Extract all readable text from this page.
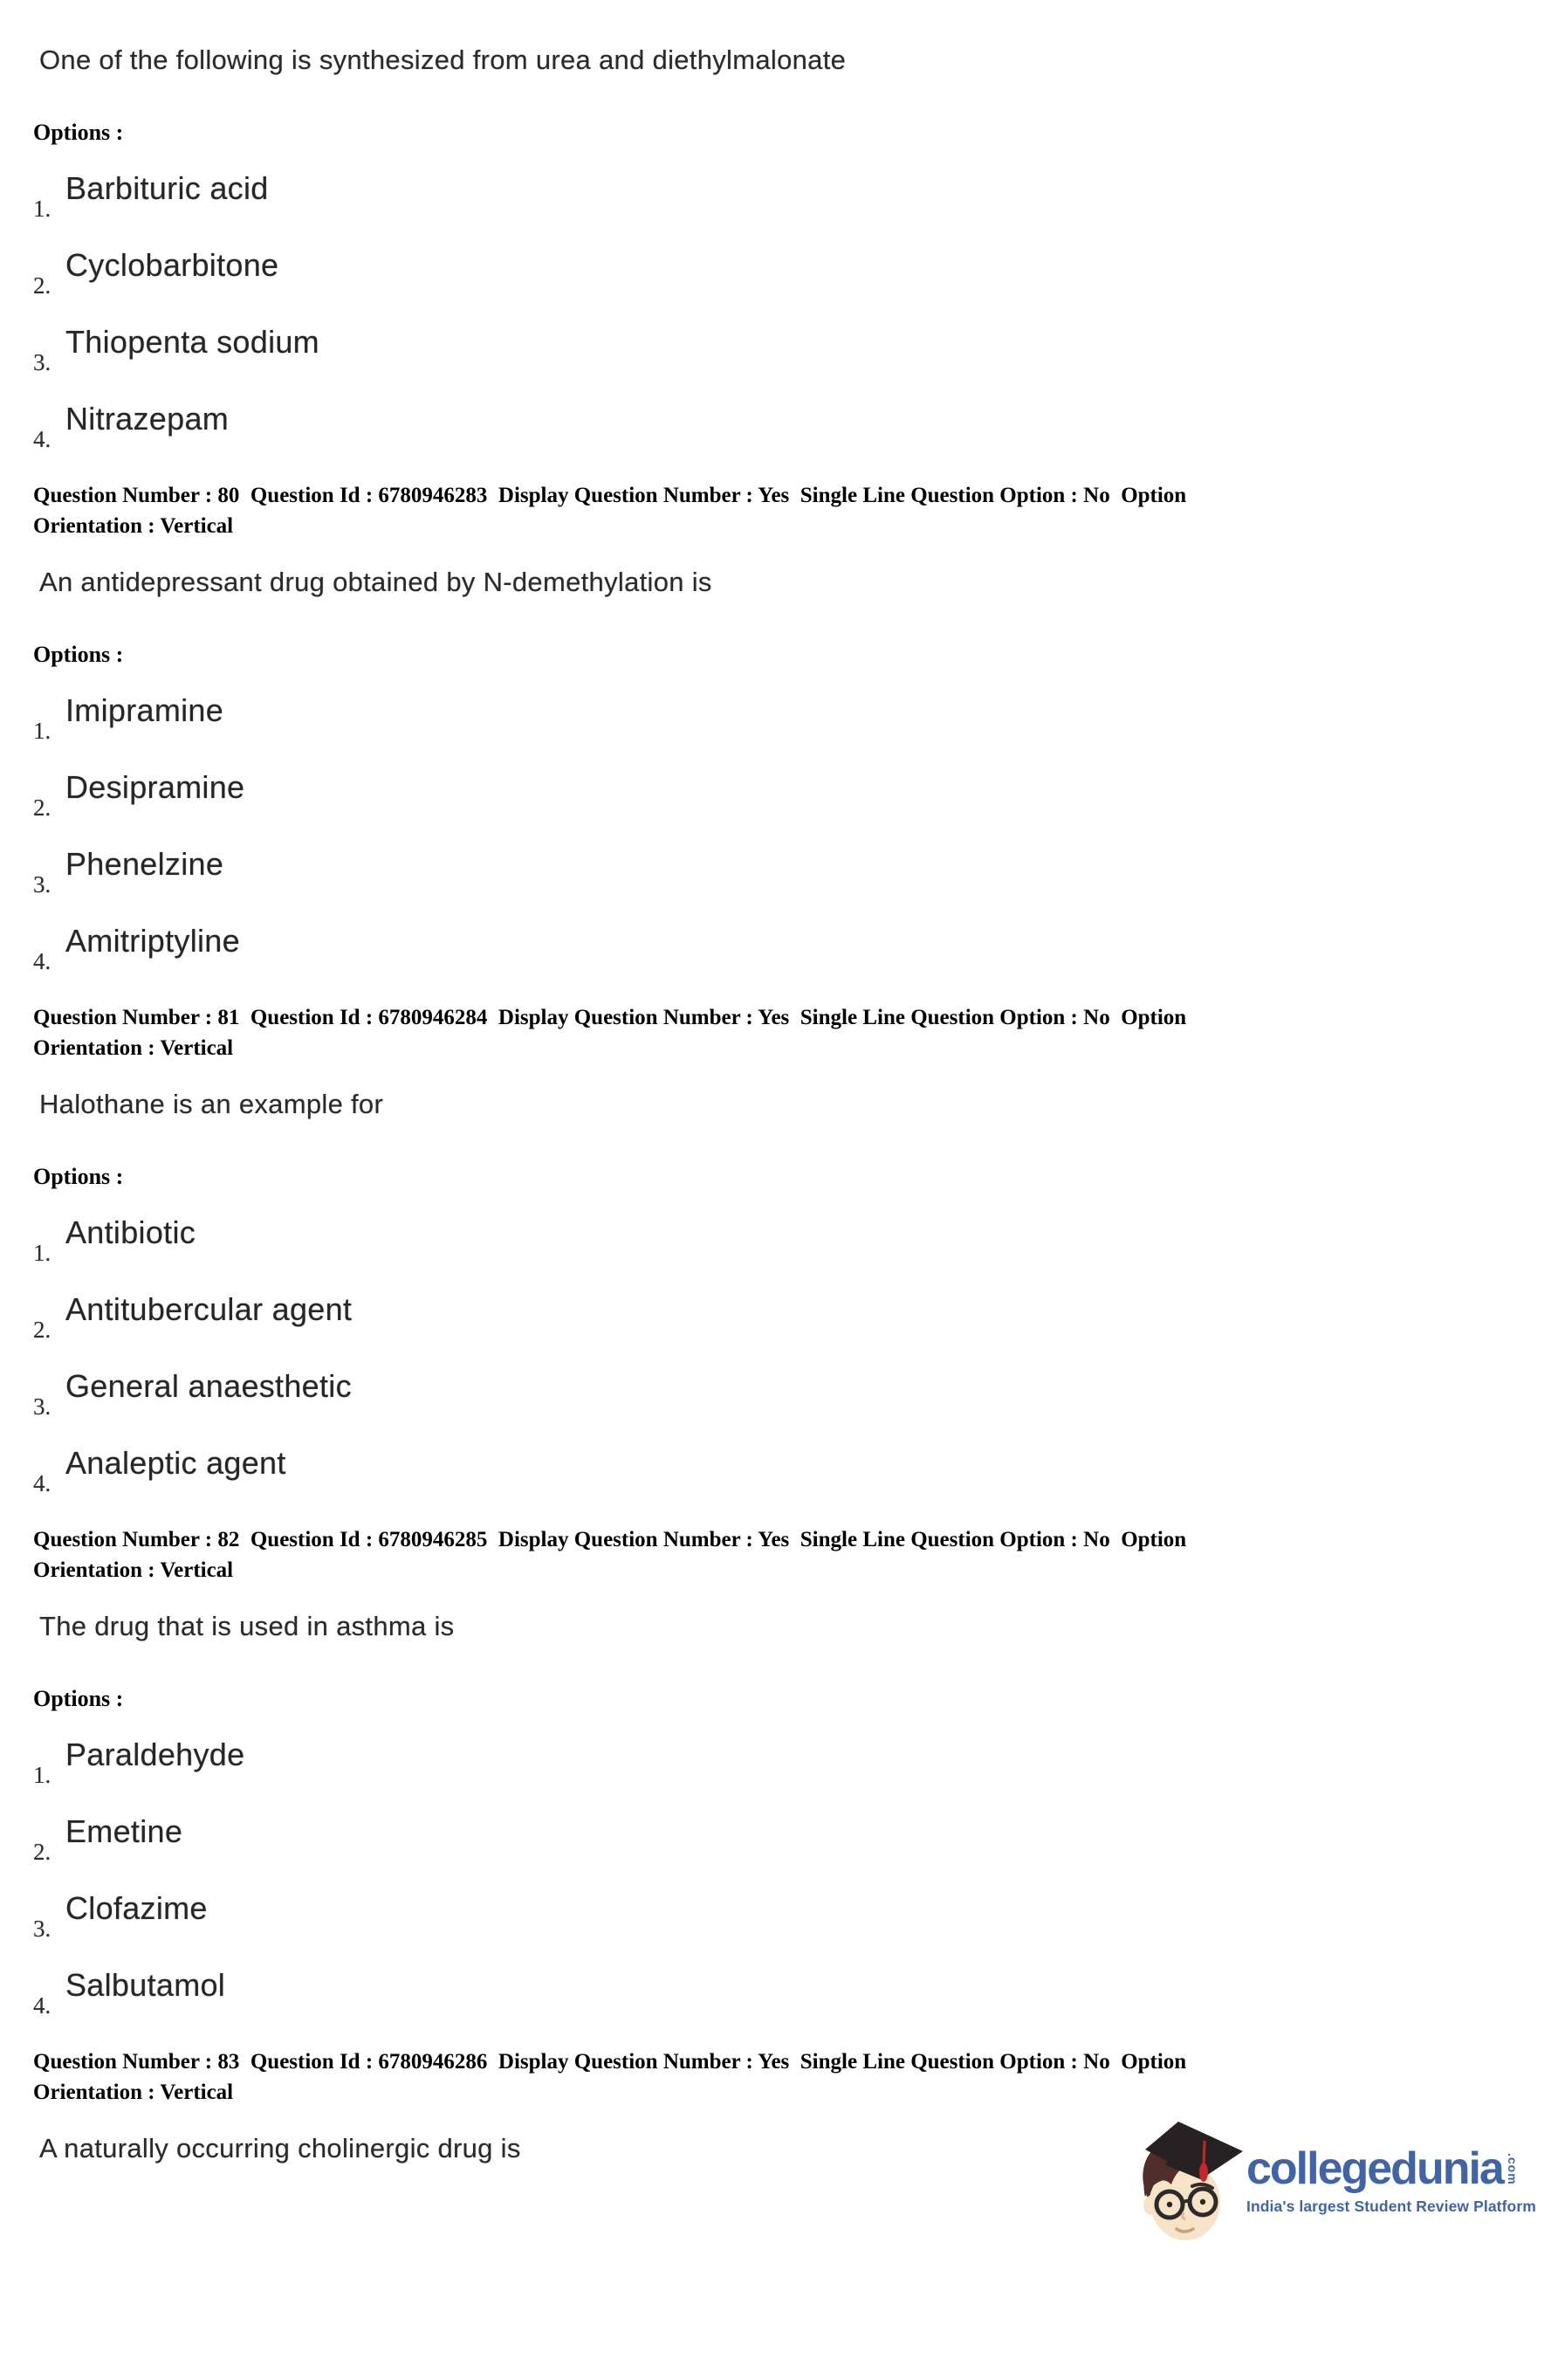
One of the following is synthesized from urea and diethylmalonate
Options :
1.
Barbituric acid
2.
Cyclobarbitone
3.
Thiopenta sodium
4.
Nitrazepam
Question Number : 80  Question Id : 6780946283  Display Question Number : Yes  Single Line Question Option : No  Option
Orientation : Vertical
An antidepressant drug obtained by N-demethylation is
Options :
1.
Imipramine
2.
Desipramine
3.
Phenelzine
4.
Amitriptyline
Question Number : 81  Question Id : 6780946284  Display Question Number : Yes  Single Line Question Option : No  Option
Orientation : Vertical
Halothane is an example for
Options :
1.
Antibiotic
2.
Antitubercular agent
3.
General anaesthetic
4.
Analeptic agent
Question Number : 82  Question Id : 6780946285  Display Question Number : Yes  Single Line Question Option : No  Option
Orientation : Vertical
The drug that is used in asthma is
Options :
1.
Paraldehyde
2.
Emetine
3.
Clofazime
4.
Salbutamol
Question Number : 83  Question Id : 6780946286  Display Question Number : Yes  Single Line Question Option : No  Option
Orientation : Vertical
A naturally occurring cholinergic drug is	collegedunia .com
India's largest Student Review Platform
